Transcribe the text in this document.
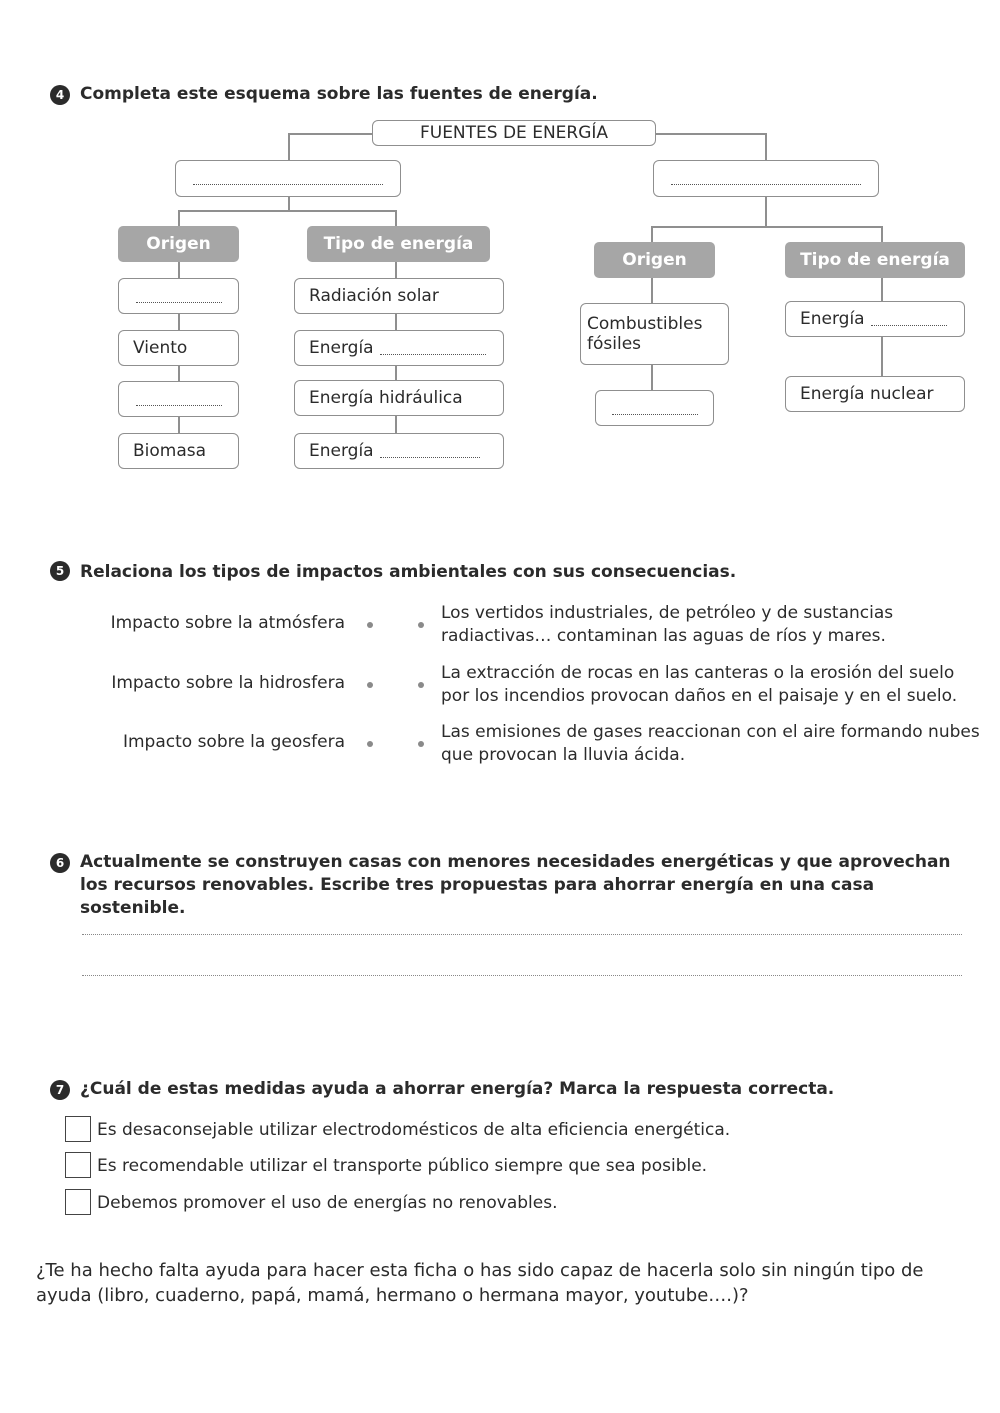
4 Completa este esquema sobre las fuentes de energía.
FUENTES DE ENERGÍA
Origen	Tipo de energía
Viento
Biomasa
Radiación solar
Energía
Energía hidráulica
Energía
Origen	Tipo de energía
Combustibles fósiles
Energía
Energía nuclear
5 Relaciona los tipos de impactos ambientales con sus consecuencias.
Impacto sobre la atmósfera
Impacto sobre la hidrosfera
Impacto sobre la geosfera
Los vertidos industriales, de petróleo y de sustancias radiactivas… contaminan las aguas de ríos y mares.
La extracción de rocas en las canteras o la erosión del suelo por los incendios provocan daños en el paisaje y en el suelo.
Las emisiones de gases reaccionan con el aire formando nubes que provocan la lluvia ácida.
6 Actualmente se construyen casas con menores necesidades energéticas y que aprovechan los recursos renovables. Escribe tres propuestas para ahorrar energía en una casa sostenible.
7 ¿Cuál de estas medidas ayuda a ahorrar energía? Marca la respuesta correcta.
Es desaconsejable utilizar electrodomésticos de alta eficiencia energética.
Es recomendable utilizar el transporte público siempre que sea posible.
Debemos promover el uso de energías no renovables.
¿Te ha hecho falta ayuda para hacer esta ficha o has sido capaz de hacerla solo sin ningún tipo de ayuda (libro, cuaderno, papá, mamá, hermano o hermana mayor, youtube….)?
